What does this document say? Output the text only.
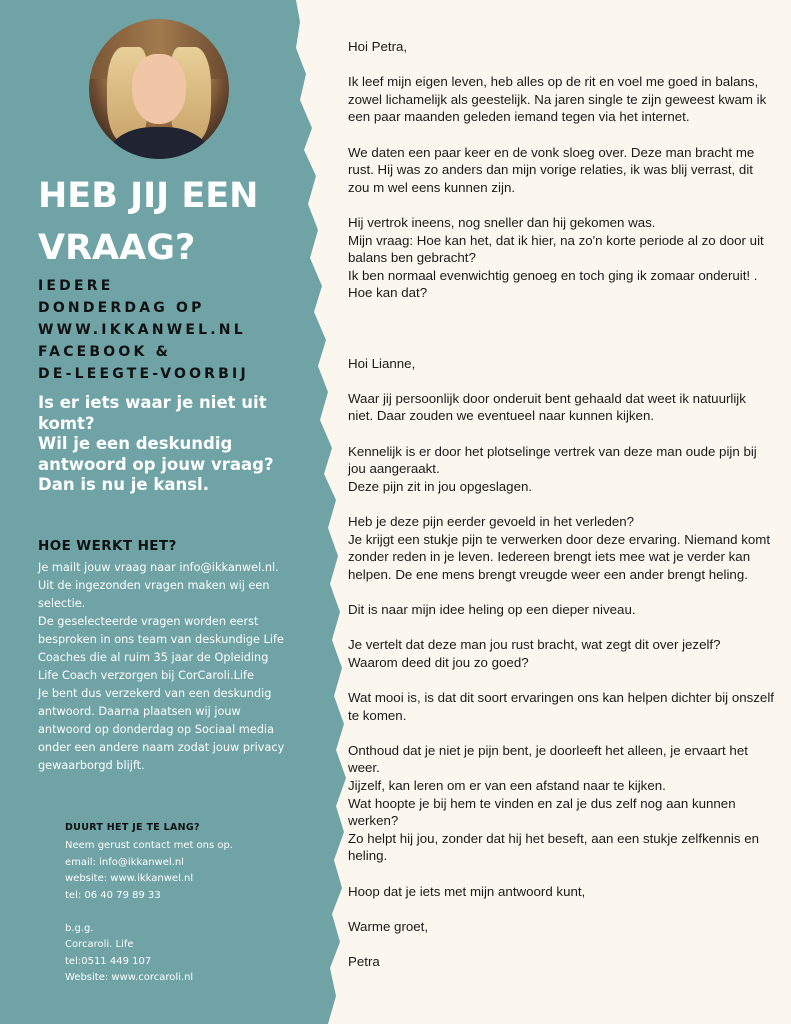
HEB JIJ EEN
VRAAG?
IEDERE
DONDERDAG OP
WWW.IKKANWEL.NL
FACEBOOK &
DE-LEEGTE-VOORBIJ
Is er iets waar je niet uit
komt?
Wil je een deskundig
antwoord op jouw vraag?
Dan is nu je kansl.
HOE WERKT HET?
Je mailt jouw vraag naar info@ikkanwel.nl.
Uit de ingezonden vragen maken wij een
selectie.
De geselecteerde vragen worden eerst
besproken in ons team van deskundige Life
Coaches die al ruim 35 jaar de Opleiding
Life Coach verzorgen bij CorCaroli.Life
Je bent dus verzekerd van een deskundig
antwoord. Daarna plaatsen wij jouw
antwoord op donderdag op Sociaal media
onder een andere naam zodat jouw privacy
gewaarborgd blijft.
DUURT HET JE TE LANG?
Neem gerust contact met ons op.
email: info@ikkanwel.nl
website: www.ikkanwel.nl
tel: 06 40 79 89 33
b.g.g.
Corcaroli. Life
tel:0511 449 107
Website: www.corcaroli.nl
Hoi Petra,
Ik leef mijn eigen leven, heb alles op de rit en voel me goed in balans,
zowel lichamelijk als geestelijk. Na jaren single te zijn geweest kwam ik
een paar maanden geleden iemand tegen via het internet.
We daten een paar keer en de vonk sloeg over. Deze man bracht me
rust. Hij was zo anders dan mijn vorige relaties, ik was blij verrast, dit
zou m wel eens kunnen zijn.
Hij vertrok ineens, nog sneller dan hij gekomen was.
Mijn vraag: Hoe kan het, dat ik hier, na zo'n korte periode al zo door uit
balans ben gebracht?
Ik ben normaal evenwichtig genoeg en toch ging ik zomaar onderuit! .
Hoe kan dat?

Hoi Lianne,
Waar jij persoonlijk door onderuit bent gehaald dat weet ik natuurlijk
niet. Daar zouden we eventueel naar kunnen kijken.
Kennelijk is er door het plotselinge vertrek van deze man oude pijn bij
jou aangeraakt.
Deze pijn zit in jou opgeslagen.
Heb je deze pijn eerder gevoeld in het verleden?
Je krijgt een stukje pijn te verwerken door deze ervaring. Niemand komt
zonder reden in je leven. Iedereen brengt iets mee wat je verder kan
helpen. De ene mens brengt vreugde weer een ander brengt heling.
Dit is naar mijn idee heling op een dieper niveau.
Je vertelt dat deze man jou rust bracht, wat zegt dit over jezelf?
Waarom deed dit jou zo goed?
Wat mooi is, is dat dit soort ervaringen ons kan helpen dichter bij onszelf
te komen.
Onthoud dat je niet je pijn bent, je doorleeft het alleen, je ervaart het
weer.
Jijzelf, kan leren om er van een afstand naar te kijken.
Wat hoopte je bij hem te vinden en zal je dus zelf nog aan kunnen
werken?
Zo helpt hij jou, zonder dat hij het beseft, aan een stukje zelfkennis en
heling.
Hoop dat je iets met mijn antwoord kunt,
Warme groet,
Petra
